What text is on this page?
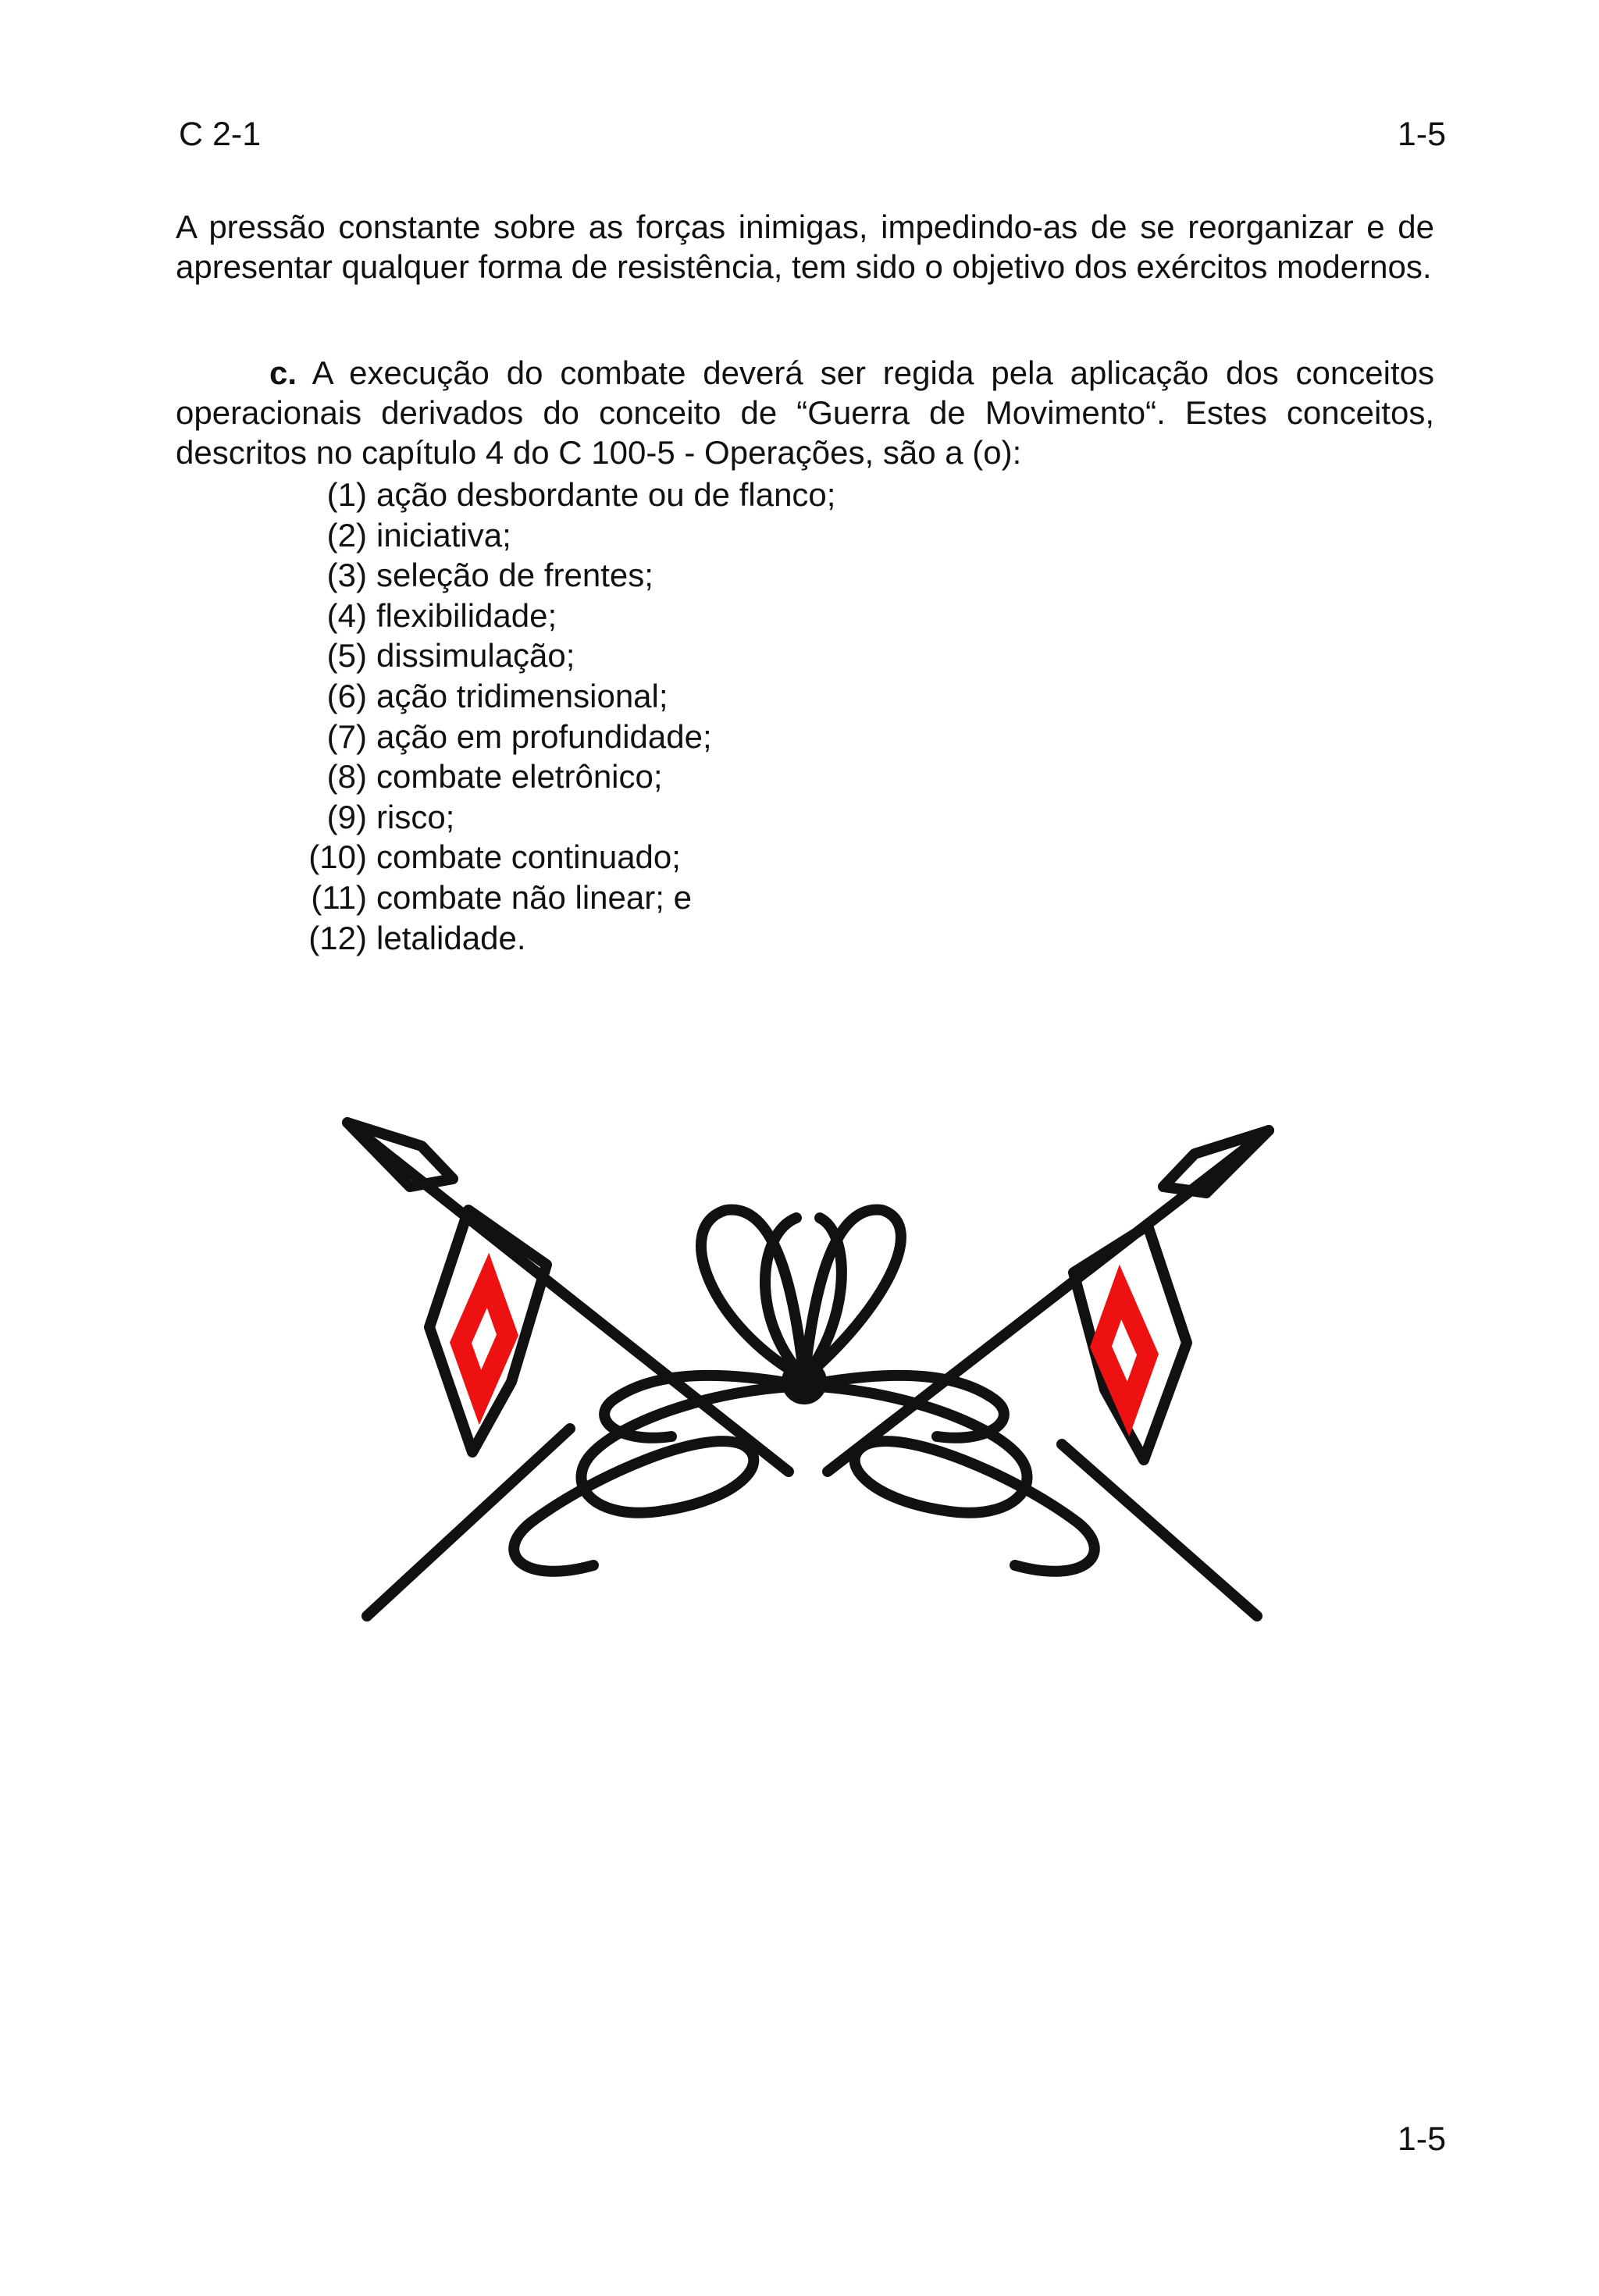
C 2-1	1-5

A pressão constante sobre as forças inimigas, impedindo-as de se reorganizar e de apresentar qualquer forma de resistência, tem sido o objetivo dos exércitos modernos.

c. A execução do combate deverá ser regida pela aplicação dos conceitos operacionais derivados do conceito de “Guerra de Movimento“. Estes conceitos, descritos no capítulo 4 do C 100-5 - Operações, são a (o):

(1) ação desbordante ou de flanco;
(2) iniciativa;
(3) seleção de frentes;
(4) flexibilidade;
(5) dissimulação;
(6) ação tridimensional;
(7) ação em profundidade;
(8) combate eletrônico;
(9) risco;
(10) combate continuado;
(11) combate não linear; e
(12) letalidade.
1-5
